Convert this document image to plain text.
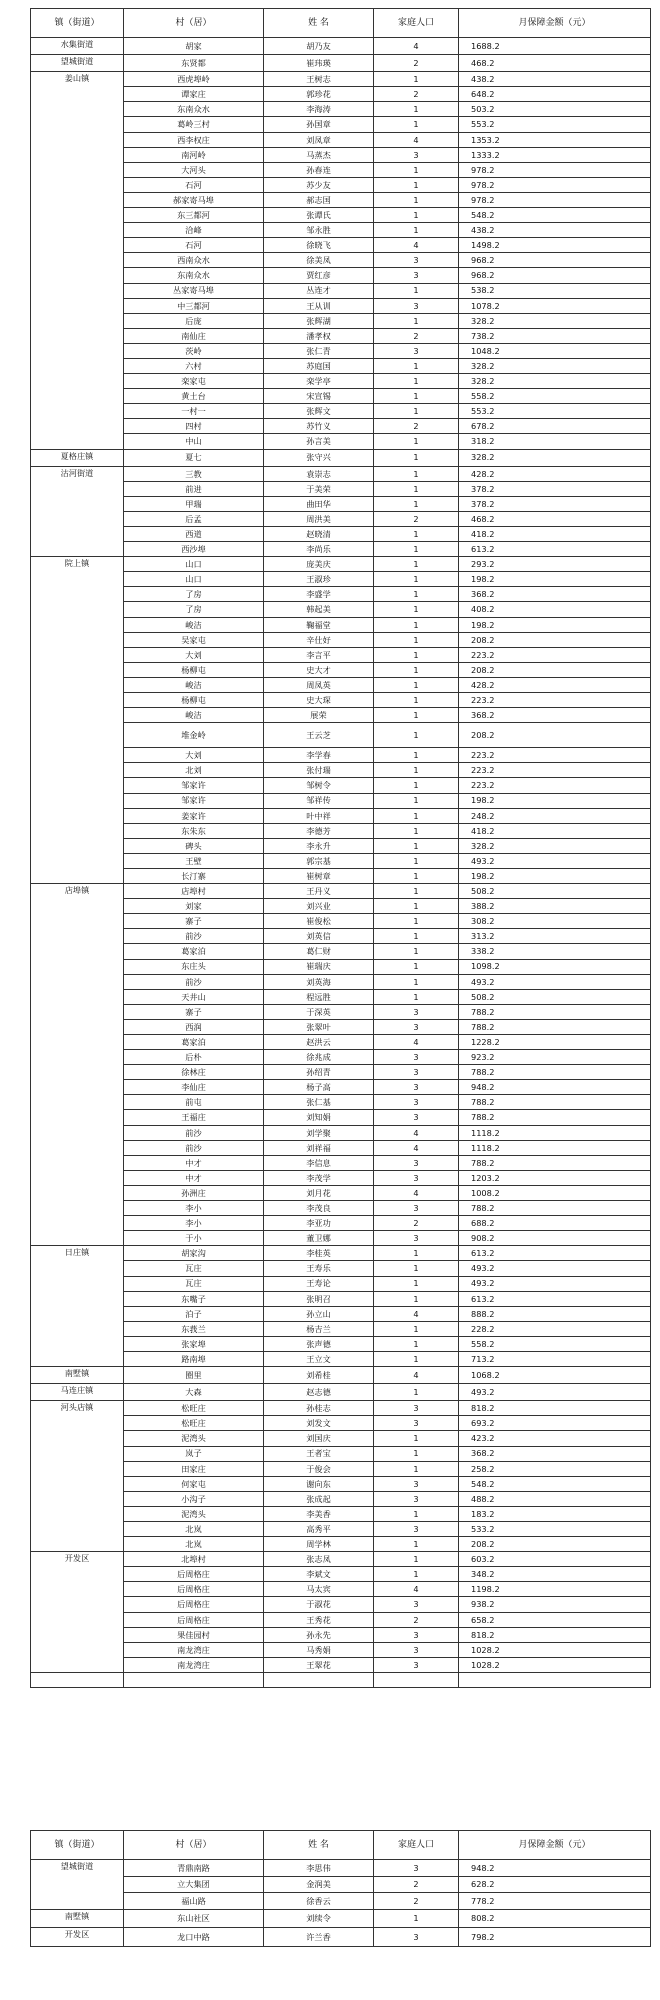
镇（街道）	村（居）	姓 名	家庭人口	月保障金额（元）
水集街道	胡家	胡乃友	4	1688.2
望城街道	东贤都	崔玮瑛	2	468.2
姜山镇	西虎埠岭	王树志	1	438.2
	谭家庄	郭珍花	2	648.2
	东南众水	李海涛	1	503.2
	葛岭三村	孙国章	1	553.2
	西李权庄	刘凤章	4	1353.2
	南河岭	马蒸杰	3	1333.2
	大河头	孙春连	1	978.2
	石河	苏少友	1	978.2
	郝家寄马埠	郝志国	1	978.2
	东三都河	张谭氏	1	548.2
	洽峰	邹永胜	1	438.2
	石河	徐晓飞	4	1498.2
	西南众水	徐美凤	3	968.2
	东南众水	贾红彦	3	968.2
	丛家寄马埠	丛连才	1	538.2
	中三都河	王从训	3	1078.2
	后庞	张辉湖	1	328.2
	南仙庄	潘孝权	2	738.2
	茨岭	张仁青	3	1048.2
	六村	苏庭国	1	328.2
	栾家屯	栾学亭	1	328.2
	黄土台	宋宣锡	1	558.2
	一村一	张辉文	1	553.2
	四村	苏竹义	2	678.2
	中山	孙言美	1	318.2
夏格庄镇	夏七	张守兴	1	328.2
沽河街道	三教	袁崇志	1	428.2
	前进	于美荣	1	378.2
	甲瑞	曲田华	1	378.2
	后孟	周洪美	2	468.2
	西道	赵晓清	1	418.2
	西沙埠	李尚乐	1	613.2
院上镇	山口	庞美庆	1	293.2
	山口	王淑珍	1	198.2
	了房	李盛学	1	368.2
	了房	韩起美	1	408.2
	峻洁	鞠福堂	1	198.2
	吴家屯	辛仕好	1	208.2
	大刘	李言平	1	223.2
	杨柳屯	史大才	1	208.2
	峻洁	周凤英	1	428.2
	杨柳屯	史大琛	1	223.2
	峻洁	展荣	1	368.2
	堆金岭	王云芝	1	208.2
	大刘	李学春	1	223.2
	北刘	张付瑞	1	223.2
	邹家许	邹树令	1	223.2
	邹家许	邹祥传	1	198.2
	姜家许	叶中祥	1	248.2
	东朱东	李德芳	1	418.2
	碑头	李永升	1	328.2
	王壁	郭宗基	1	493.2
	长汀寨	崔树章	1	198.2
店埠镇	店埠村	王丹义	1	508.2
	刘家	刘兴业	1	388.2
	寨子	崔俊松	1	308.2
	前沙	刘英信	1	313.2
	葛家泊	葛仁财	1	338.2
	东庄头	崔瑞庆	1	1098.2
	前沙	刘英海	1	493.2
	天井山	程远胜	1	508.2
	寨子	于深英	3	788.2
	西润	张翠叶	3	788.2
	葛家泊	赵洪云	4	1228.2
	后朴	徐兆成	3	923.2
	徐林庄	孙绍青	3	788.2
	李仙庄	杨子高	3	948.2
	前屯	张仁基	3	788.2
	王福庄	刘知娟	3	788.2
	前沙	刘学聚	4	1118.2
	前沙	刘祥福	4	1118.2
	中才	李信息	3	788.2
	中才	李茂学	3	1203.2
	孙洲庄	刘月花	4	1008.2
	李小	李茂良	3	788.2
	李小	李亚功	2	688.2
	于小	董卫娜	3	908.2
日庄镇	胡家沟	李桂英	1	613.2
	瓦庄	王寿乐	1	493.2
	瓦庄	王寿论	1	493.2
	东嘴子	张明召	1	613.2
	泊子	孙立山	4	888.2
	东莪兰	杨吉兰	1	228.2
	张家埠	张声德	1	558.2
	路南埠	王立文	1	713.2
南墅镇	圈里	刘希桂	4	1068.2
马连庄镇	大森	赵志德	1	493.2
河头店镇	松旺庄	孙桂志	3	818.2
	松旺庄	刘发文	3	693.2
	泥湾头	刘国庆	1	423.2
	岚子	王者宝	1	368.2
	田家庄	于俊会	1	258.2
	何家屯	谢向东	3	548.2
	小沟子	张成起	3	488.2
	泥湾头	李美香	1	183.2
	北岚	高秀平	3	533.2
	北岚	周学林	1	208.2
开发区	北埠村	张志凤	1	603.2
	后周格庄	李斌文	1	348.2
	后周格庄	马太宾	4	1198.2
	后周格庄	于淑花	3	938.2
	后周格庄	王秀花	2	658.2
	果佳园村	孙永先	3	818.2
	南龙湾庄	马秀娟	3	1028.2
	南龙湾庄	王翠花	3	1028.2

镇（街道）	村（居）	姓 名	家庭人口	月保障金额（元）
望城街道	青鼎南路	李思伟	3	948.2
	立大集团	金润美	2	628.2
	福山路	徐香云	2	778.2
南墅镇	东山社区	刘续令	1	808.2
开发区	龙口中路	许兰香	3	798.2
